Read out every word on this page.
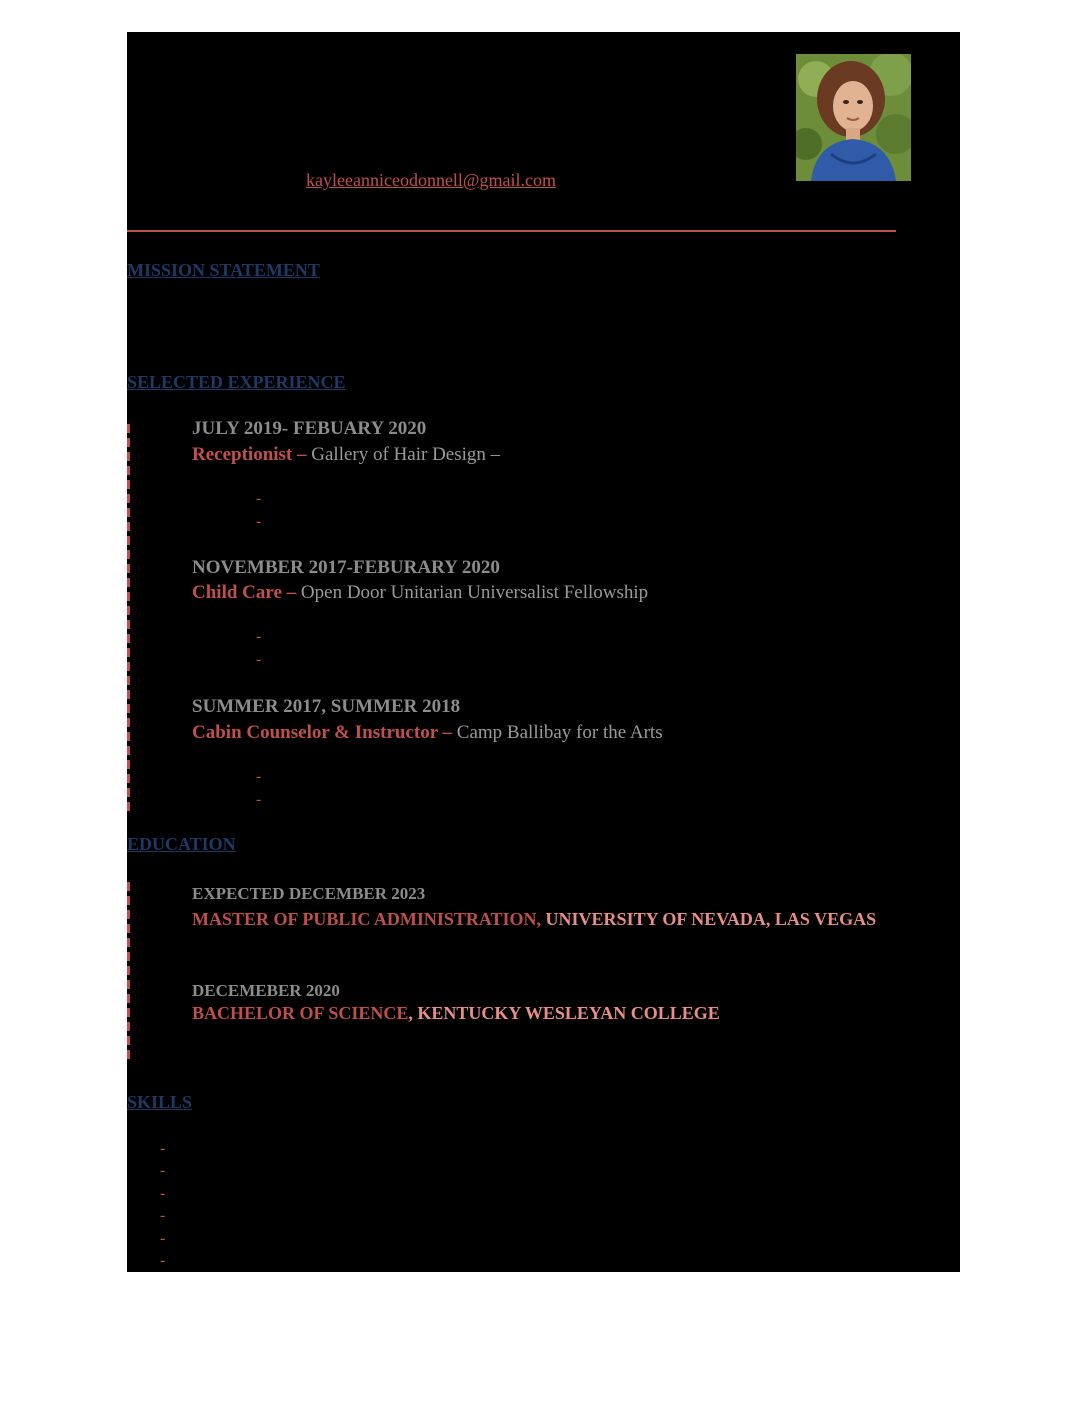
kayleeanniceodonnell@gmail.com
MISSION STATEMENT
SELECTED EXPERIENCE
JULY 2019- FEBUARY 2020
Receptionist – Gallery of Hair Design –
-
-
NOVEMBER 2017-FEBURARY 2020
Child Care – Open Door Unitarian Universalist Fellowship
-
-
SUMMER 2017, SUMMER 2018
Cabin Counselor & Instructor – Camp Ballibay for the Arts
-
-
EDUCATION
EXPECTED DECEMBER 2023
MASTER OF PUBLIC ADMINISTRATION, UNIVERSITY OF NEVADA, LAS VEGAS
DECEMEBER 2020
BACHELOR OF SCIENCE, KENTUCKY WESLEYAN COLLEGE
SKILLS
-
-
-
-
-
-
